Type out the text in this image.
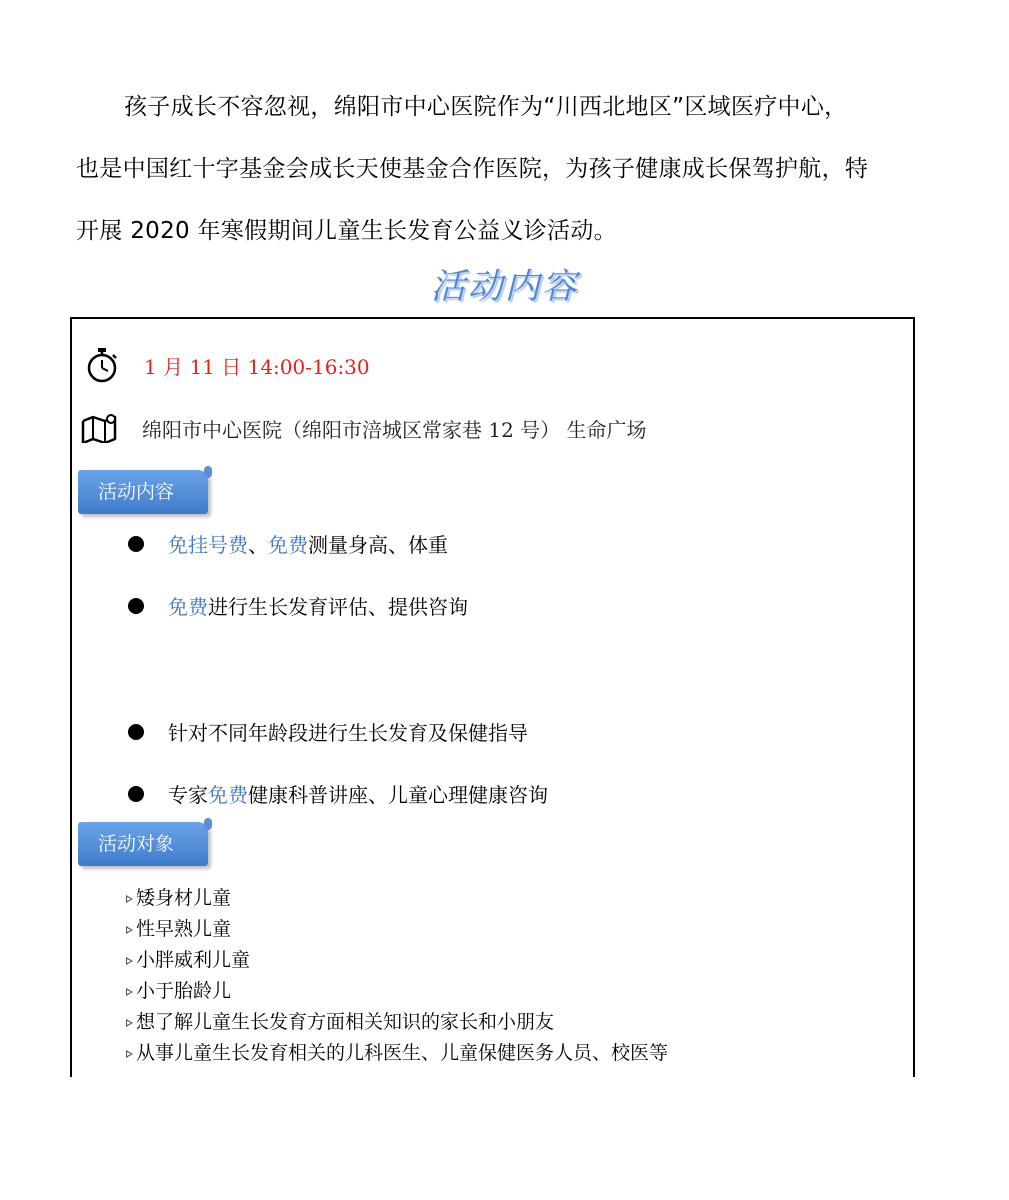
孩子成长不容忽视，绵阳市中心医院作为“川西北地区”区域医疗中心，

也是中国红十字基金会成长天使基金合作医院，为孩子健康成长保驾护航，特

开展 2020 年寒假期间儿童生长发育公益义诊活动。

活动内容
1 月 11 日 14:00-16:30
绵阳市中心医院（绵阳市涪城区常家巷 12 号） 生命广场
活动内容
免挂号费 、 免费 测量身高、体重
免费 进行生长发育评估、提供咨询
针对不同年龄段进行生长发育及保健指导
专家 免费 健康科普讲座、儿童心理健康咨询
活动对象
矮身材儿童
性早熟儿童
小胖威利儿童
小于胎龄儿
想了解儿童生长发育方面相关知识的家长和小朋友
从事儿童生长发育相关的儿科医生、儿童保健医务人员、校医等
